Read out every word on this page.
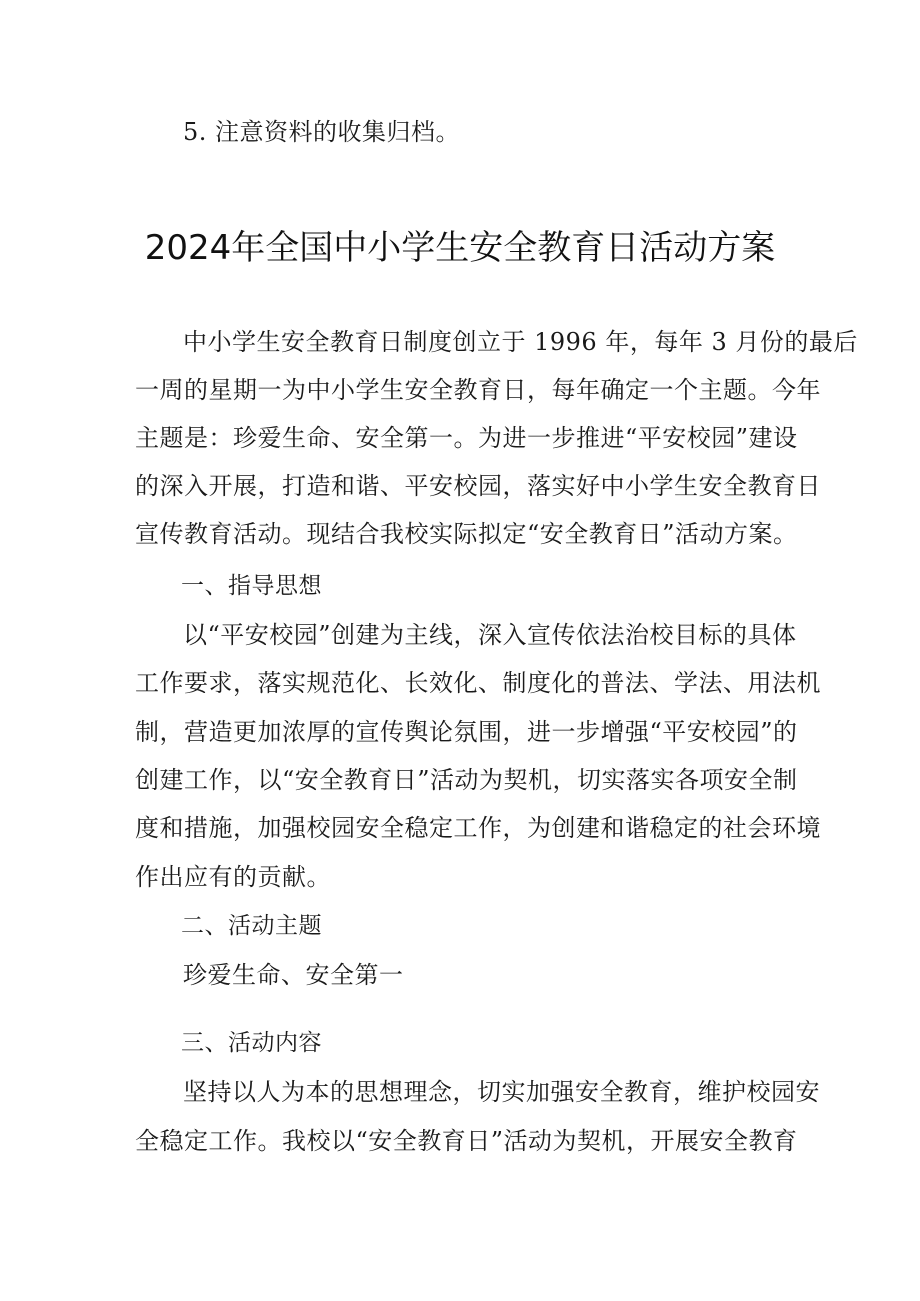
5. 注意资料的收集归档。
2024年全国中小学生安全教育日活动方案
中小学生安全教育日制度创立于 1996 年，每年 3 月份的最后
一周的星期一为中小学生安全教育日，每年确定一个主题。今年
主题是：珍爱生命、安全第一。为进一步推进“平安校园”建设
的深入开展，打造和谐、平安校园，落实好中小学生安全教育日
宣传教育活动。现结合我校实际拟定“安全教育日”活动方案。
一、指导思想
以“平安校园”创建为主线，深入宣传依法治校目标的具体
工作要求，落实规范化、长效化、制度化的普法、学法、用法机
制，营造更加浓厚的宣传舆论氛围，进一步增强“平安校园”的
创建工作，以“安全教育日”活动为契机，切实落实各项安全制
度和措施，加强校园安全稳定工作，为创建和谐稳定的社会环境
作出应有的贡献。
二、活动主题
珍爱生命、安全第一
三、活动内容
坚持以人为本的思想理念，切实加强安全教育，维护校园安
全稳定工作。我校以“安全教育日”活动为契机，开展安全教育
